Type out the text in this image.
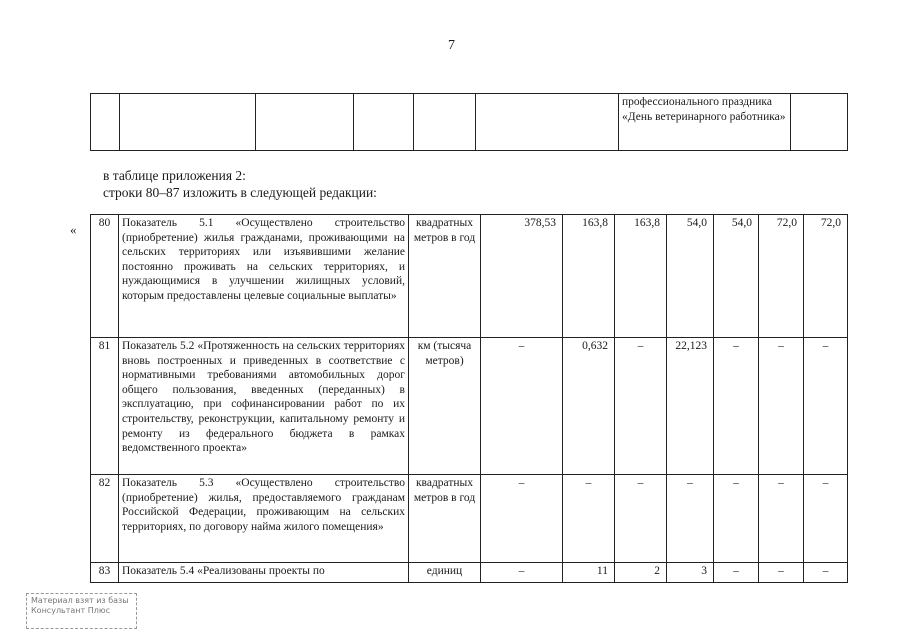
7
						профессионального праздника «День ветеринарного работника»	
в таблице приложения 2:
строки 80–87 изложить в следующей редакции:
« 80	Показатель 5.1 «Осуществлено строительство (приобретение) жилья гражданами, проживающими на сельских территориях или изъявившими желание постоянно проживать на сельских территориях, и нуждающимися в улучшении жилищных условий, которым предоставлены целевые социальные выплаты»	квадратных метров в год	378,53	163,8	163,8	54,0	54,0	72,0	72,0
81	Показатель 5.2 «Протяженность на сельских территориях вновь построенных и приведенных в соответствие с нормативными требованиями автомобильных дорог общего пользования, введенных (переданных) в эксплуатацию, при софинансировании работ по их строительству, реконструкции, капитальному ремонту и ремонту из федерального бюджета в рамках ведомственного проекта»	км (тысяча метров)	–	0,632	–	22,123	–	–	–
82	Показатель 5.3 «Осуществлено строительство (приобретение) жилья, предоставляемого гражданам Российской Федерации, проживающим на сельских территориях, по договору найма жилого помещения»	квадратных метров в год	–	–	–	–	–	–	–
83	Показатель 5.4 «Реализованы проекты по	единиц	–	11	2	3	–	–	–
Материал взят из базы Консультант Плюс
